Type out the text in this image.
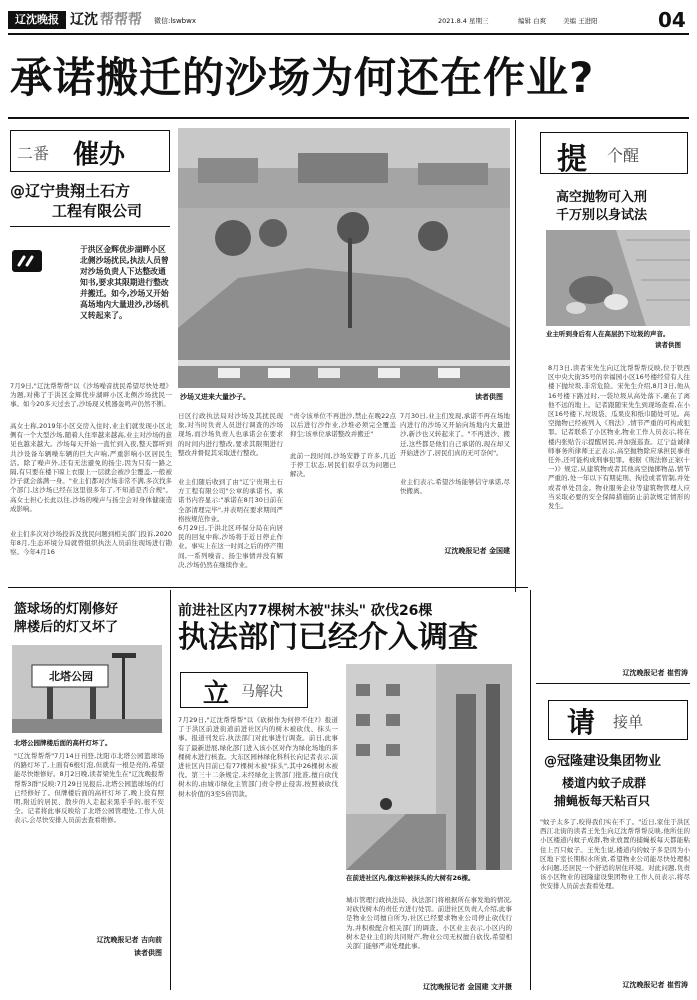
辽沈晚报 辽沈 帮帮帮 微信:lswbwx	2021.8.4 星期三	编辑 白爽	美编 王进阳	04
承诺搬迁的沙场为何还在作业?
二番 催办
@辽宁贵翔土石方
工程有限公司
于洪区金辉优步湖畔小区北侧沙场扰民,执法人员曾对沙场负责人下达整改通知书,要求其限期进行整改并搬迁。如今,沙场又开始高场地内大量进沙,沙场机又转起来了。
7月9日,"辽沈帮帮帮"以《沙场噪音扰民希望尽快处理》为题,对佛了于洪区金辉优步湖畔小区北侧沙场扰民一事。如今20多天过去了,沙场现又机器轰鸣声仍然不断。
高女士称,2019年小区交房入住时,业主们就发现小区北侧有一个大型沙场,随着人住率越来越高,业主对沙场的意见也越来越大。沙场每天开始一直忙到入夜,整天都听到共沙设备车辆噪车辆的巨大声响,严重影响小区居民生活。除了噪声外,还有无法避免的扬尘,因为只有一路之隔,有只要在楼下晾上衣服上一层就会被沙尘覆盖,一般被沙子就会落满一身。"业主们都对沙场非常不满,多次找多个部门,这沙场已经在这里很多年了,不知道是否合规"。高女士担心长此以往,沙场的噪声与扬尘会对身体健康造成影响。
业主们多次对沙场投诉及扰民问题到相关部门投诉,2020年8月,生态环境分局就曾组织执法人员前往现场进行勘察。今年4月16
沙场又进来大量沙子。	读者供图
日区行政执法局对沙场及其扰民现象,对当时负责人员进行调查的沙场现场,而沙场负责人也承诺会在要求的时间内进行整改,要求其限期进行整改并督促其采取进行整改。
业主们随后收到了由"辽宁贵翔土石方工程有限公司"公章的承诺书。承诺书内容显示:"承诺在8月30日前在全部清理完毕",并表明在要求期间严格按规范作业。
6月29日,于洪北区环保分局在向居民的回复中称,沙场将于近日停止作业。事实上在这一时间之后的停产期间,一系列噪音、扬尘事情并没有解决,沙场仍然在继续作业。
"责令该单位不再进沙,禁止在晚22点以后进行沙作业,沙堆必须完全覆盖抑尘;该单位承诺整改并搬迁"
此前一段时间,沙场安静了许多,几近于停工状态,居民们似乎以为问题已解决。
7月30日,业主们发现,承诺不再在场地内进行的沙场又开始向场地内大量进沙,新沙也又转起来了。"不再进沙、搬迁,这些都是他们自己承诺的,现在却又开始进沙了,居民们真的无可奈何"。
业主们表示,希望沙场能够信守承诺,尽快搬离。
辽沈晚报记者 金国建
提 个醒
高空抛物可入刑
千万别以身试法
业主听到身后有人在高层扔下垃圾的声音。
读者供图
8月3日,读者宋先生向辽沈帮帮帮反映,位于铁西区中央大街35号的幸福园小区16号楼经常有人往楼下抛垃圾,非常危险。宋先生介绍,8月3日,他从16号楼下路过时,一袋垃圾从高处落下,砸在了离他不远的地上。记者跟随宋先生到现场查看,在小区16号楼下,垃圾袋、瓜果皮和纸巾随处可见。高空抛物已经被列入《刑法》,情节严重的可构成犯罪。记者联系了小区物业,物业工作人员表示,将在楼内张贴告示提醒居民,并加强巡查。辽宁益诚律师事务所律师王正表示,高空抛物除应承担民事责任外,还可能构成刑事犯罪。根据《刑法修正案(十一)》规定,从建筑物或者其他高空抛掷物品,情节严重的,处一年以下有期徒刑、拘役或者管制,并处或者单处罚金。物业服务企业等建筑物管理人应当采取必要的安全保障措施防止前款规定情形的发生。
辽沈晚报记者 崔哲涛
篮球场的灯刚修好
牌楼后的灯又坏了
北塔公园
北塔公园牌楼后面的高杆灯坏了。
"辽沈帮帮帮"7月14日刊登,沈阳市北塔公园篮球场的路灯坏了,上面有6根灯泡,但就有一根是亮的,希望能尽快维修好。8月2日晚,读者梁先生在"辽沈晚报帮帮帮3群"反映:7月29日见报后,北塔公园篮球场的灯已经修好了。但牌楼后面的高杆灯坏了,晚上没有照明,附近的居民、散步的人走起来黑乎乎的,很不安全。记者将此事反映给了北塔公园管理处,工作人员表示,会尽快安排人员前去查看维修。
辽沈晚报记者 吉向前
读者供图
前进社区内77棵树木被"抹头" 砍伐26棵
执法部门已经介入调查
立 马解决
7月29日,"辽沈帮帮帮"以《砍树作为何停不住?》报道了于洪区前进街道前进社区内的树木被砍伐、抹头一事。报道刊发后,执法部门对此事进行调查。前日,此事有了最新进展,绿化部门进入该小区对作为绿化场地的多棵树木进行核查。大东区园林绿化科科长向记者表示,前进社区内目前已有77棵树木被"抹头",其中26棵树木被伐。第三十二条规定,未经绿化主管部门批准,擅自砍伐树木的,由城市绿化主管部门责令停止侵害,按照被砍伐树木价值的3至5倍罚款。
在前进社区内,像这种被抹头的大树有26棵。
城市管理行政执法局、执法部门将根据所在事发地的情况,对砍伐树木的责任方进行处罚。前进社区负责人介绍,此事是物业公司擅自所为,社区已经要求物业公司停止砍伐行为,并积极配合相关部门的调查。小区业主表示,小区内的树木是业主们的共同财产,物业公司无权擅自砍伐,希望相关部门能够严肃处理此事。
辽沈晚报记者 金国建 文并摄
请 接单
@冠隆建设集团物业
楼道内蚊子成群
捕蝇板每天粘百只
"蚊子太多了,咬得我们实在不了。"近日,家住于洪区西江北街的读者王先生向辽沈帮帮帮反映,他所住的小区楼道内蚊子成群,物业放置的捕蝇板每天都能粘住上百只蚊子。王先生说,楼道内的蚊子多是因为小区地下室长期积水所致,希望物业公司能尽快处理积水问题,还居民一个舒适的居住环境。对此问题,负责该小区物业的冠隆建设集团物业工作人员表示,将尽快安排人员前去查看处理。
辽沈晚报记者 崔哲涛
